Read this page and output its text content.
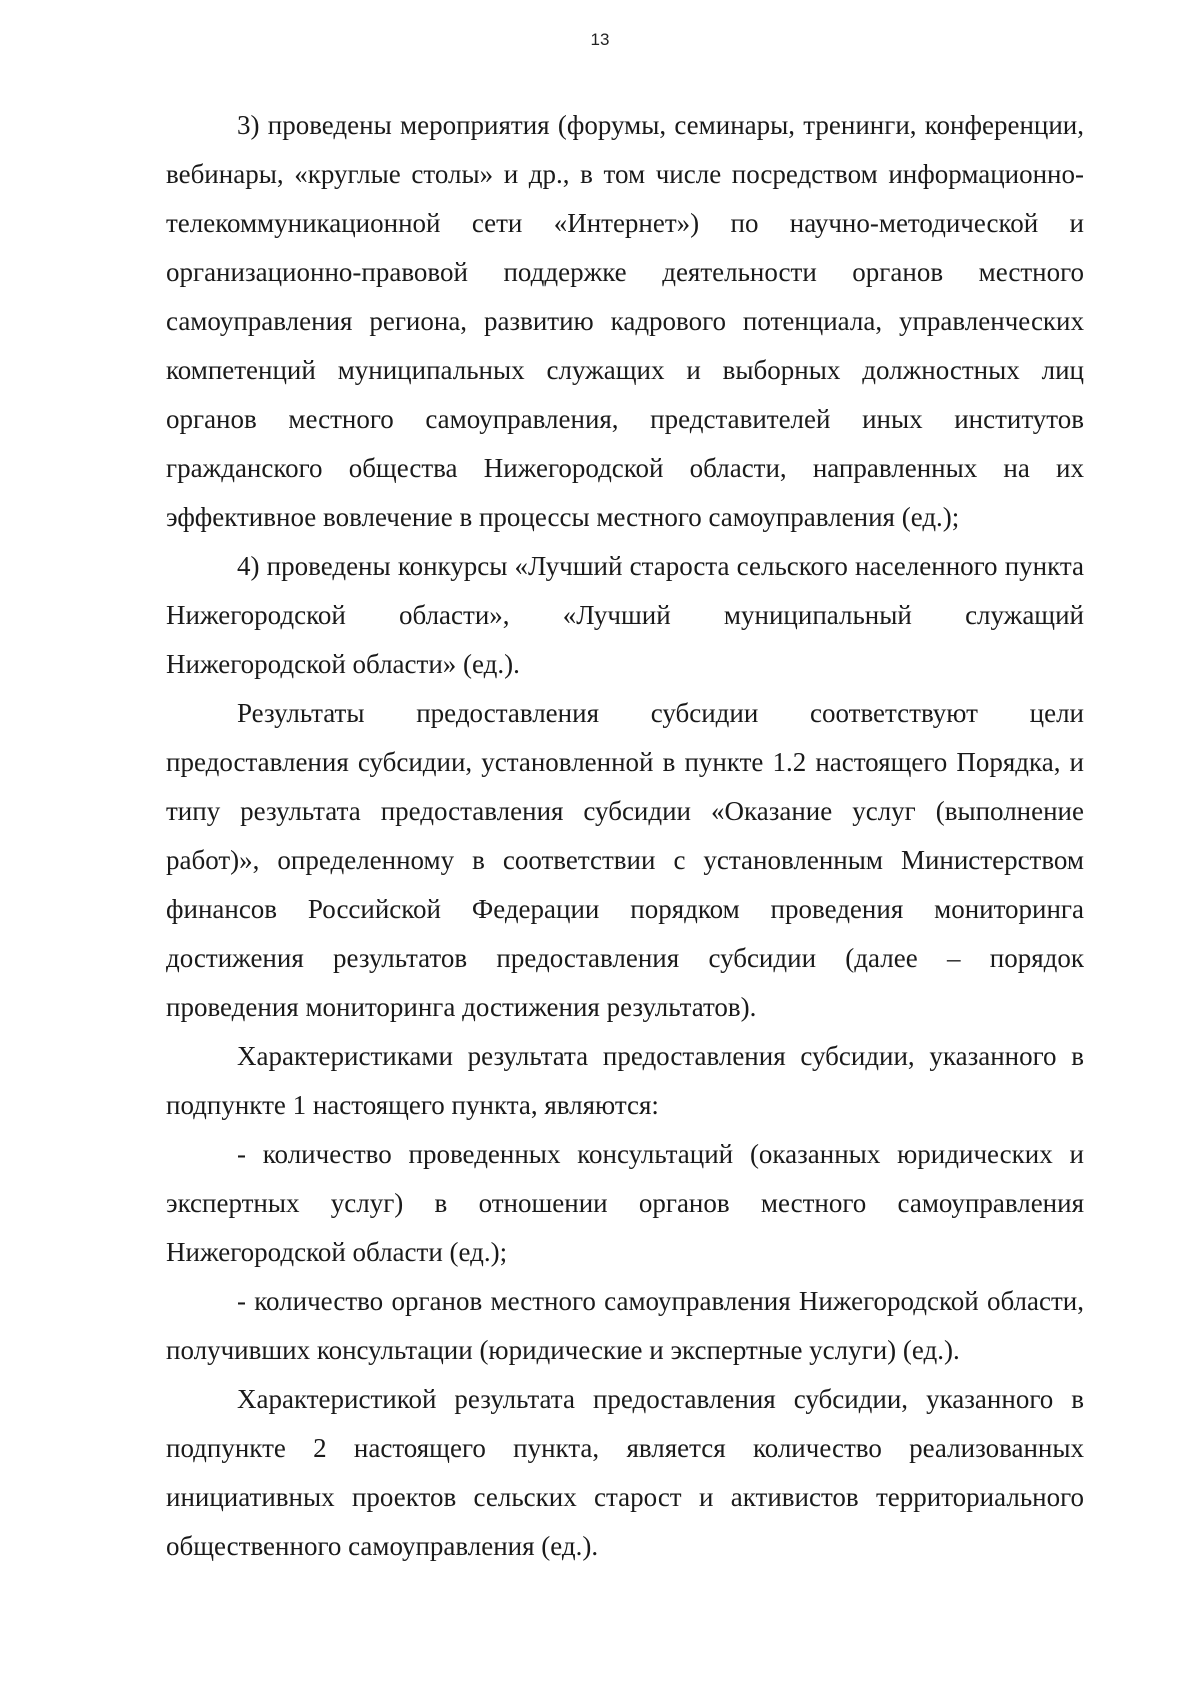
13

3) проведены мероприятия (форумы, семинары, тренинги, конференции, вебинары, «круглые столы» и др., в том числе посредством информационно-телекоммуникационной сети «Интернет») по научно-методической и организационно-правовой поддержке деятельности органов местного самоуправления региона, развитию кадрового потенциала, управленческих компетенций муниципальных служащих и выборных должностных лиц органов местного самоуправления, представителей иных институтов гражданского общества Нижегородской области, направленных на их эффективное вовлечение в процессы местного самоуправления (ед.);

4) проведены конкурсы «Лучший староста сельского населенного пункта Нижегородской области», «Лучший муниципальный служащий Нижегородской области» (ед.).

Результаты предоставления субсидии соответствуют цели предоставления субсидии, установленной в пункте 1.2 настоящего Порядка, и типу результата предоставления субсидии «Оказание услуг (выполнение работ)», определенному в соответствии с установленным Министерством финансов Российской Федерации порядком проведения мониторинга достижения результатов предоставления субсидии (далее – порядок проведения мониторинга достижения результатов).

Характеристиками результата предоставления субсидии, указанного в подпункте 1 настоящего пункта, являются:

- количество проведенных консультаций (оказанных юридических и экспертных услуг) в отношении органов местного самоуправления Нижегородской области (ед.);

- количество органов местного самоуправления Нижегородской области, получивших консультации (юридические и экспертные услуги) (ед.).

Характеристикой результата предоставления субсидии, указанного в подпункте 2 настоящего пункта, является количество реализованных инициативных проектов сельских старост и активистов территориального общественного самоуправления (ед.).
